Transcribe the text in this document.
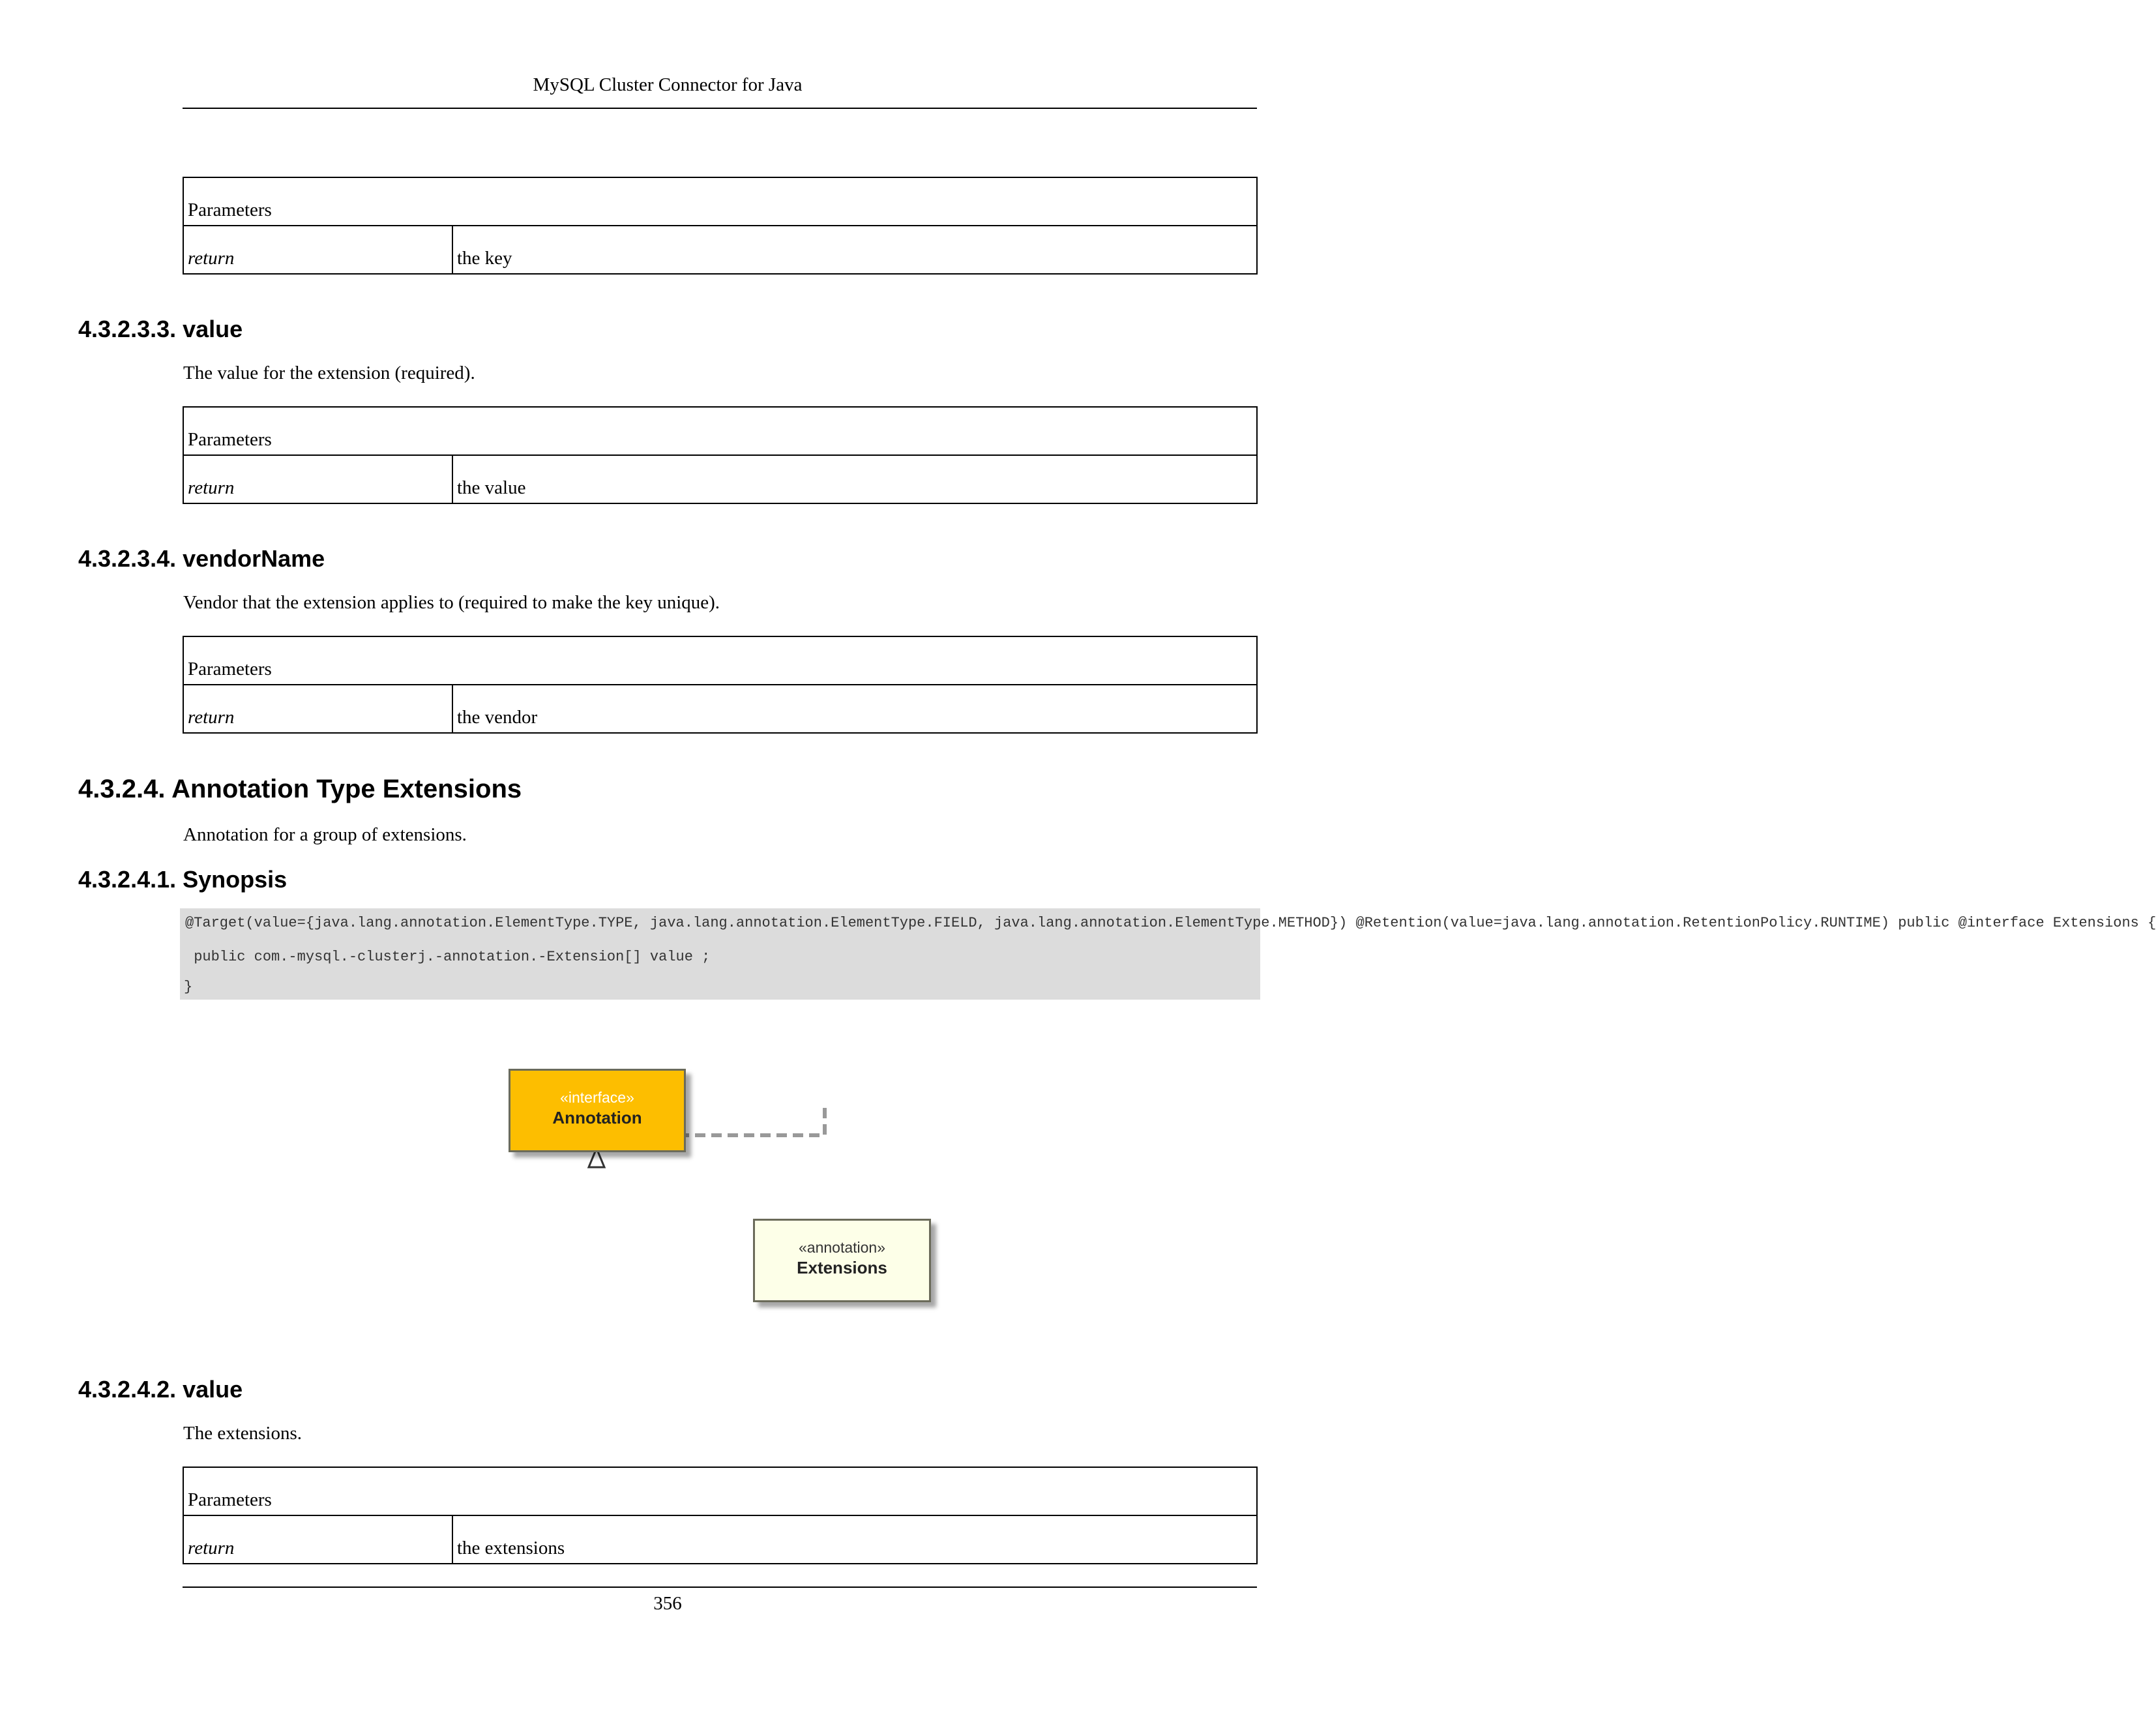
MySQL Cluster Connector for Java
Parameters
return	the key
4.3.2.3.3. value
The value for the extension (required).
Parameters
return	the value
4.3.2.3.4. vendorName
Vendor that the extension applies to (required to make the key unique).
Parameters
return	the vendor
4.3.2.4. Annotation Type Extensions
Annotation for a group of extensions.
4.3.2.4.1. Synopsis

@Target(value={java.lang.annotation.ElementType.TYPE, java.lang.annotation.ElementType.FIELD, java.lang.annotation.ElementType.METHOD}) @Retention(value=java.lang.annotation.RetentionPolicy.RUNTIME) public @interface Extensions {

public com.-mysql.-clusterj.-annotation.-Extension[] value ;

}

«interface»
Annotation
«annotation»
Extensions
4.3.2.4.2. value
The extensions.
Parameters
return	the extensions
356
